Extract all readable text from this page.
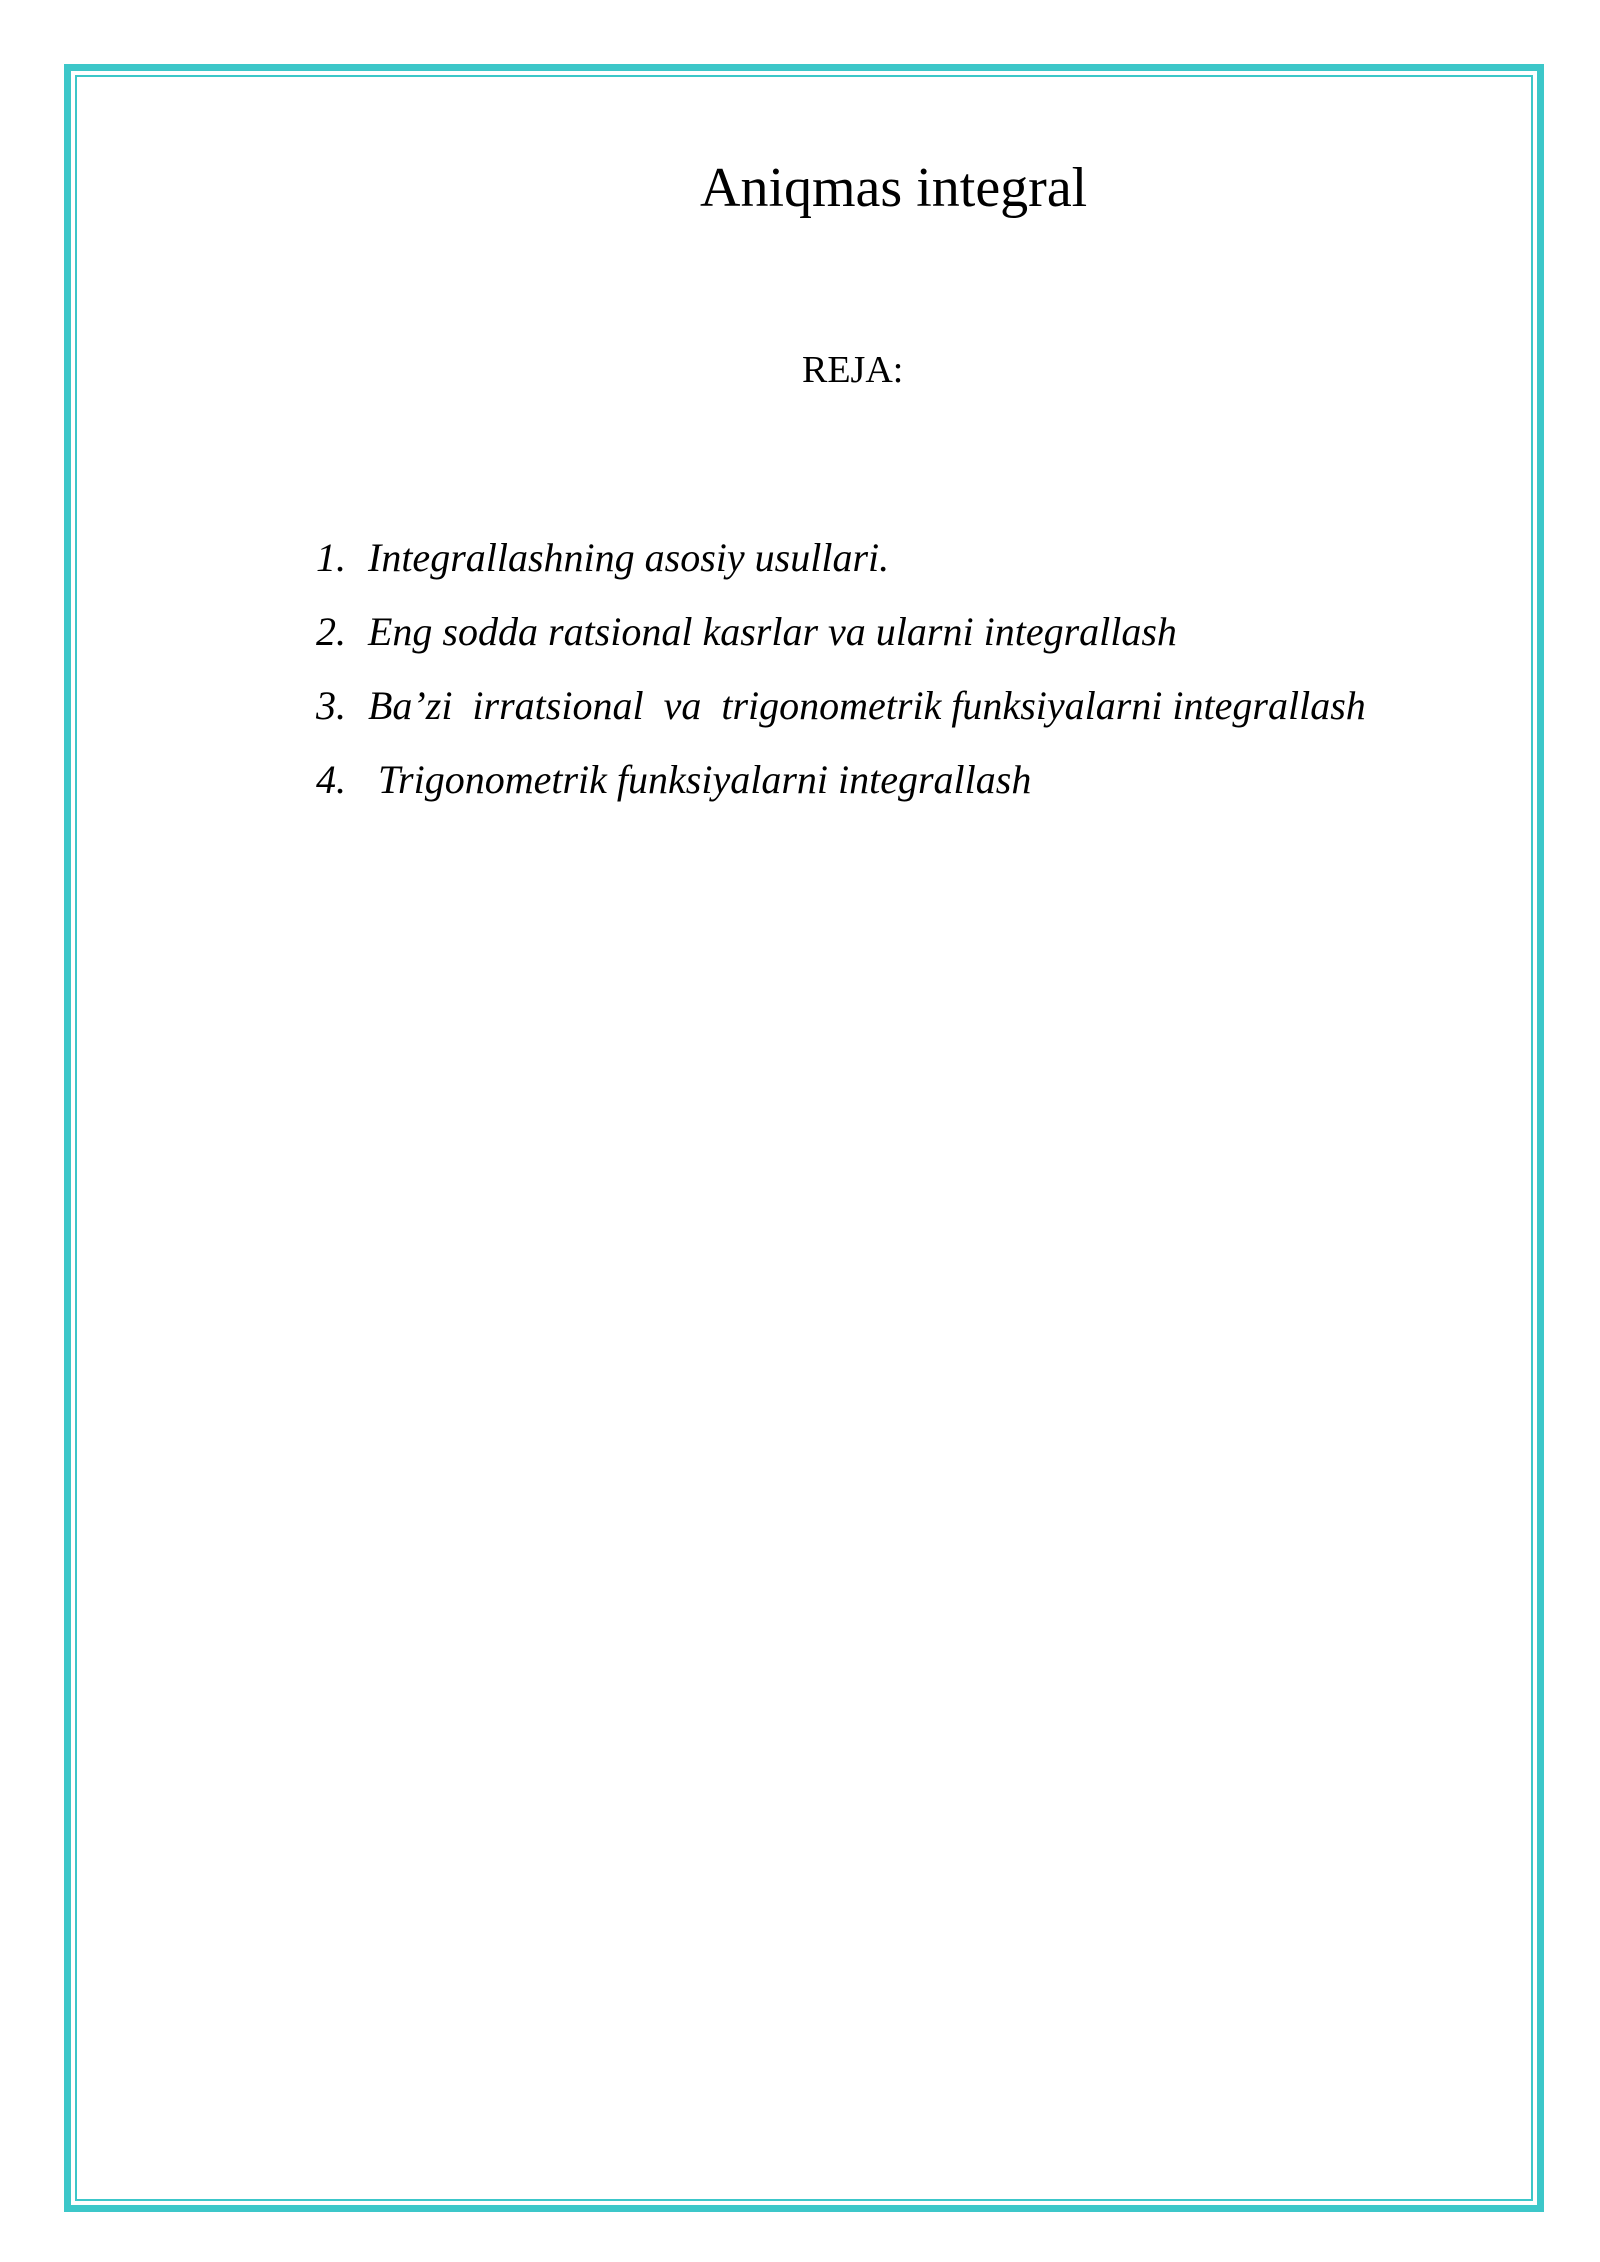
Aniqmas integral
REJA:

1. Integrallashning asosiy usullari.

2. Eng sodda ratsional kasrlar va ularni integrallash

3. Ba’zi  irratsional  va  trigonometrik funksiyalarni integrallash

4. Trigonometrik funksiyalarni integrallash
